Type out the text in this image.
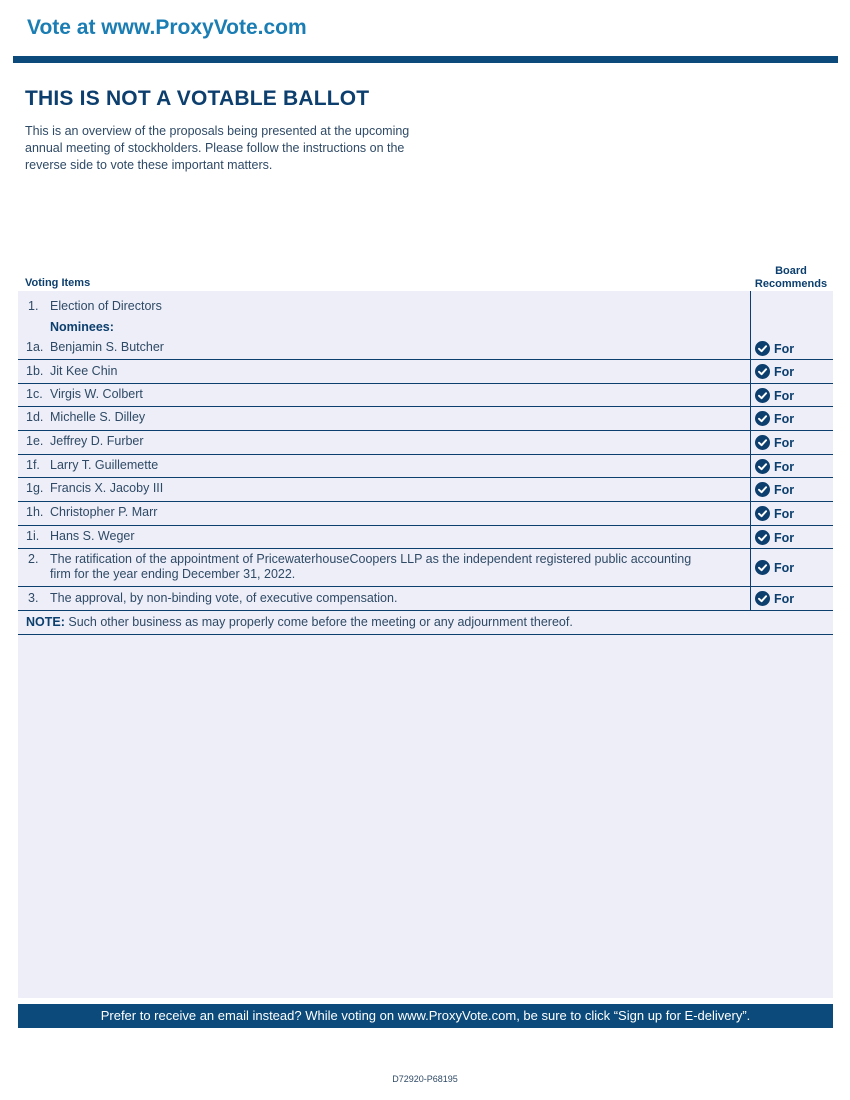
Vote at www.ProxyVote.com
THIS IS NOT A VOTABLE BALLOT
This is an overview of the proposals being presented at the upcoming annual meeting of stockholders. Please follow the instructions on the reverse side to vote these important matters.
Voting Items
Board
Recommends
1. Election of Directors
Nominees:
1a. Benjamin S. Butcher	For
1b. Jit Kee Chin	For
1c. Virgis W. Colbert	For
1d. Michelle S. Dilley	For
1e. Jeffrey D. Furber	For
1f. Larry T. Guillemette	For
1g. Francis X. Jacoby III	For
1h. Christopher P. Marr	For
1i. Hans S. Weger	For
2. The ratification of the appointment of PricewaterhouseCoopers LLP as the independent registered public accounting
firm for the year ending December 31, 2022.	For
3. The approval, by non-binding vote, of executive compensation.	For
NOTE: Such other business as may properly come before the meeting or any adjournment thereof.
Prefer to receive an email instead? While voting on www.ProxyVote.com, be sure to click “Sign up for E-delivery”.
D72920-P68195
